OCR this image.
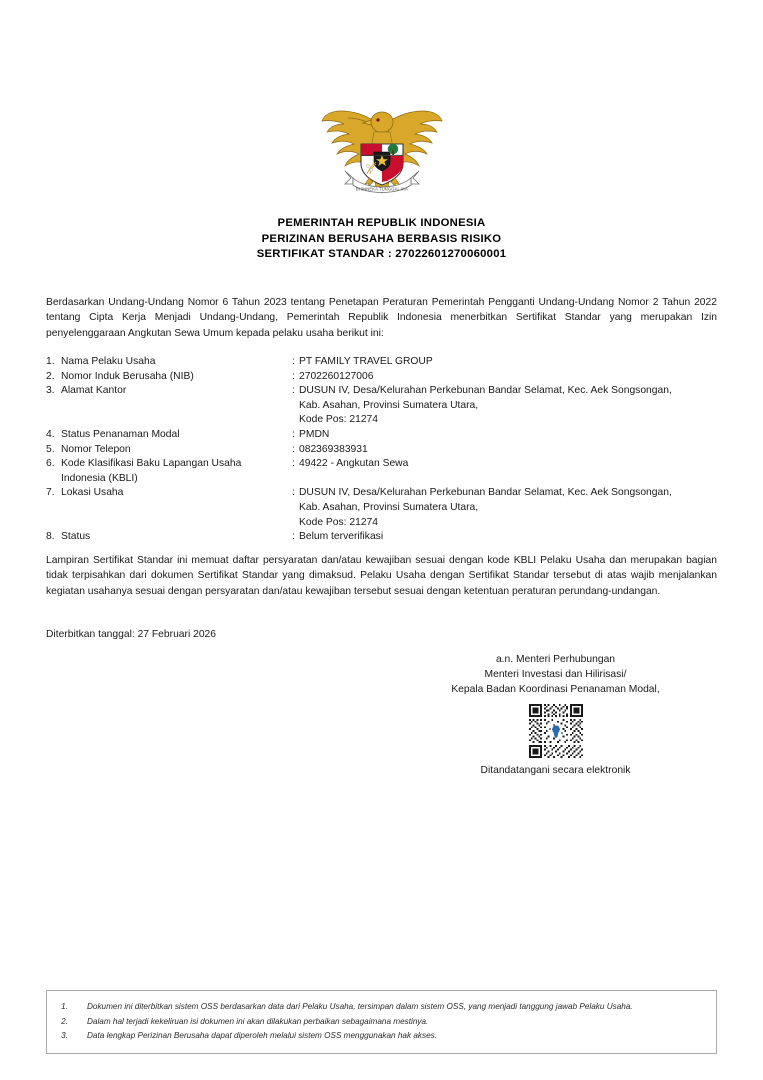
BHINNEKA TUNGGAL IKA
PEMERINTAH REPUBLIK INDONESIA
PERIZINAN BERUSAHA BERBASIS RISIKO
SERTIFIKAT STANDAR : 27022601270060001
Berdasarkan Undang-Undang Nomor 6 Tahun 2023 tentang Penetapan Peraturan Pemerintah Pengganti Undang-Undang Nomor 2 Tahun 2022 tentang Cipta Kerja Menjadi Undang-Undang, Pemerintah Republik Indonesia menerbitkan Sertifikat Standar yang merupakan Izin penyelenggaraan Angkutan Sewa Umum kepada pelaku usaha berikut ini:
1. Nama Pelaku Usaha	: PT FAMILY TRAVEL GROUP
2. Nomor Induk Berusaha (NIB)	: 2702260127006
3. Alamat Kantor	: DUSUN IV, Desa/Kelurahan Perkebunan Bandar Selamat, Kec. Aek Songsongan,
Kab. Asahan, Provinsi Sumatera Utara,
Kode Pos: 21274
4. Status Penanaman Modal	: PMDN
5. Nomor Telepon	: 082369383931
6. Kode Klasifikasi Baku Lapangan Usaha Indonesia (KBLI)
: 49422 - Angkutan Sewa
7. Lokasi Usaha	: DUSUN IV, Desa/Kelurahan Perkebunan Bandar Selamat, Kec. Aek Songsongan,
Kab. Asahan, Provinsi Sumatera Utara,
Kode Pos: 21274
8. Status	: Belum terverifikasi
Lampiran Sertifikat Standar ini memuat daftar persyaratan dan/atau kewajiban sesuai dengan kode KBLI Pelaku Usaha dan merupakan bagian tidak terpisahkan dari dokumen Sertifikat Standar yang dimaksud. Pelaku Usaha dengan Sertifikat Standar tersebut di atas wajib menjalankan kegiatan usahanya sesuai dengan persyaratan dan/atau kewajiban tersebut sesuai dengan ketentuan peraturan perundang-undangan.
Diterbitkan tanggal: 27 Februari 2026
a.n. Menteri Perhubungan
Menteri Investasi dan Hilirisasi/
Kepala Badan Koordinasi Penanaman Modal,
Ditandatangani secara elektronik
1.	Dokumen ini diterbitkan sistem OSS berdasarkan data dari Pelaku Usaha, tersimpan dalam sistem OSS, yang menjadi tanggung jawab Pelaku Usaha.
2.	Dalam hal terjadi kekeliruan isi dokumen ini akan dilakukan perbaikan sebagaimana mestinya.
3.	Data lengkap Perizinan Berusaha dapat diperoleh melalui sistem OSS menggunakan hak akses.
